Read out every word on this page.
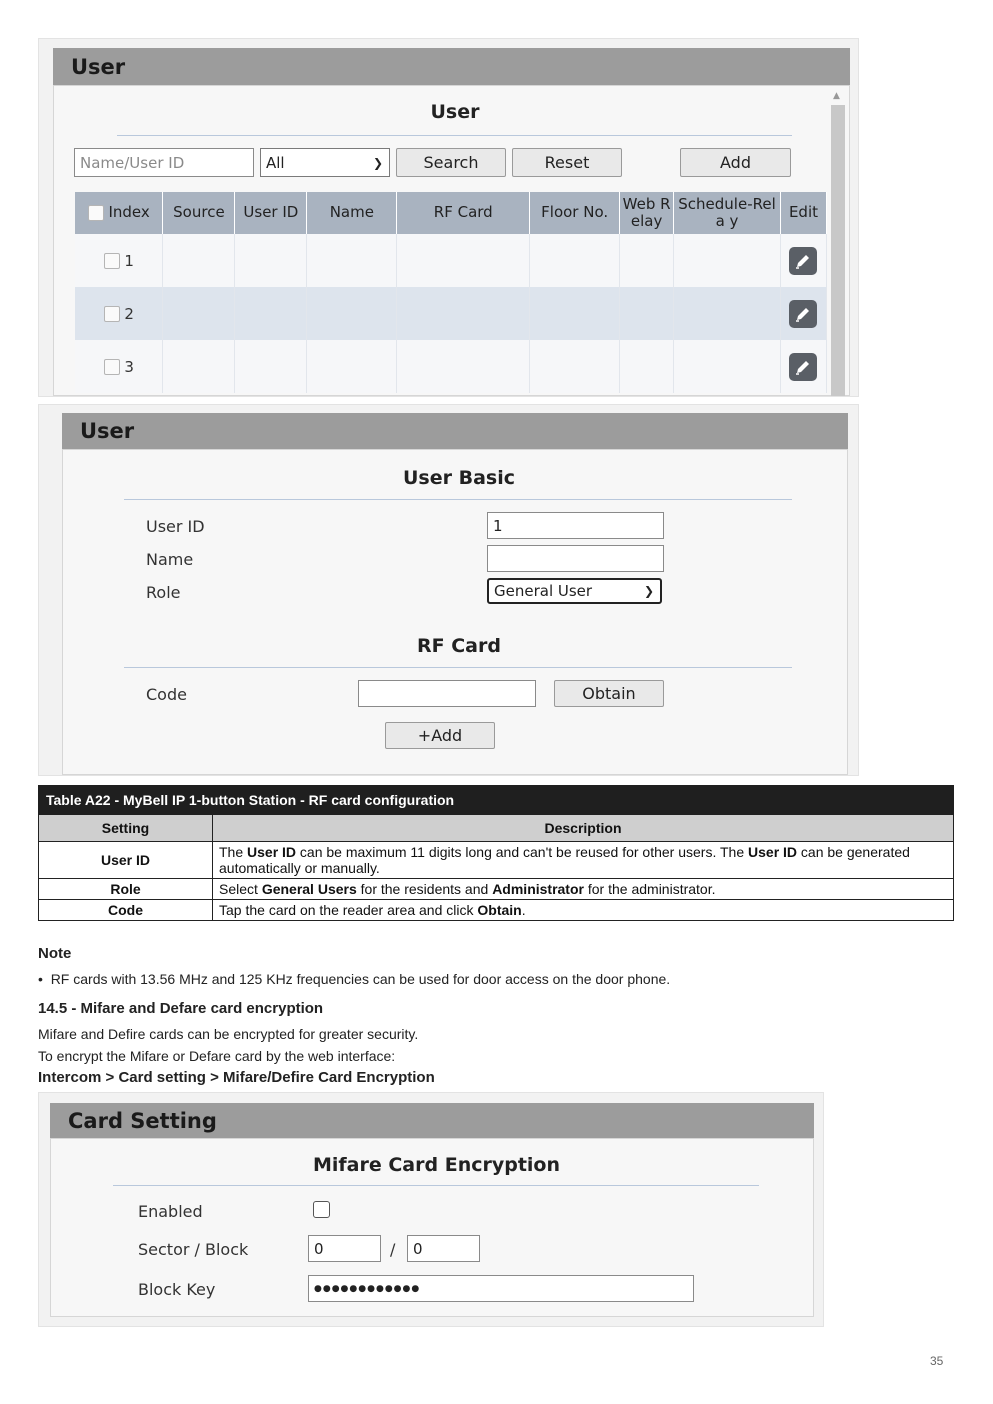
User
User
Name/User ID	All	❯	Search	Reset	Add
Index	Source	User ID	Name	RF Card	Floor No.	Web R elay	Schedule-Rela y	Edit
1								

2								

3								
▲
User
User Basic
User ID	1
Name
Role	General User	❯
RF Card
Code	Obtain
+Add
Table A22 - MyBell IP 1-button Station - RF card configuration	
Setting	Description
User ID	The User ID can be maximum 11 digits long and can't be reused for other users. The User ID can be generated automatically or manually.
Role	Select General Users for the residents and Administrator for the administrator.
Code	Tap the card on the reader area and click Obtain.
Note
•  RF cards with 13.56 MHz and 125 KHz frequencies can be used for door access on the door phone.
14.5 - Mifare and Defare card encryption
Mifare and Defire cards can be encrypted for greater security.
To encrypt the Mifare or Defare card by the web interface:
Intercom > Card setting > Mifare/Defire Card Encryption
Card Setting
Mifare Card Encryption
Enabled
Sector / Block	0	/	0
Block Key	●●●●●●●●●●●●
35
